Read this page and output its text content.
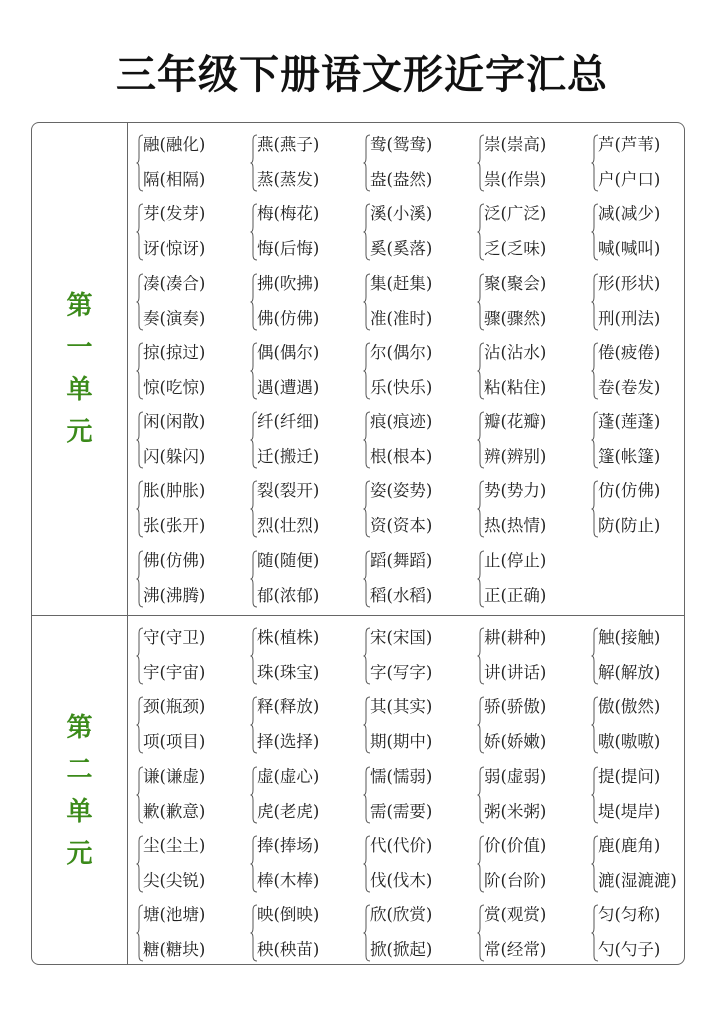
三年级下册语文形近字汇总
第
一
单
元
融(融化)
隔(相隔)
燕(燕子)
蒸(蒸发)
鸯(鸳鸯)
盎(盎然)
崇(崇高)
祟(作祟)
芦(芦苇)
户(户口)
芽(发芽)
讶(惊讶)
梅(梅花)
悔(后悔)
溪(小溪)
奚(奚落)
泛(广泛)
乏(乏味)
减(减少)
喊(喊叫)
凑(凑合)
奏(演奏)
拂(吹拂)
佛(仿佛)
集(赶集)
准(准时)
聚(聚会)
骤(骤然)
形(形状)
刑(刑法)
掠(掠过)
惊(吃惊)
偶(偶尔)
遇(遭遇)
尔(偶尔)
乐(快乐)
沾(沾水)
粘(粘住)
倦(疲倦)
卷(卷发)
闲(闲散)
闪(躲闪)
纤(纤细)
迁(搬迁)
痕(痕迹)
根(根本)
瓣(花瓣)
辨(辨别)
蓬(莲蓬)
篷(帐篷)
胀(肿胀)
张(张开)
裂(裂开)
烈(壮烈)
姿(姿势)
资(资本)
势(势力)
热(热情)
仿(仿佛)
防(防止)
佛(仿佛)
沸(沸腾)
随(随便)
郁(浓郁)
蹈(舞蹈)
稻(水稻)
止(停止)
正(正确)
第
二
单
元
守(守卫)
宇(宇宙)
株(植株)
珠(珠宝)
宋(宋国)
字(写字)
耕(耕种)
讲(讲话)
触(接触)
解(解放)
颈(瓶颈)
项(项目)
释(释放)
择(选择)
其(其实)
期(期中)
骄(骄傲)
娇(娇嫩)
傲(傲然)
嗷(嗷嗷)
谦(谦虚)
歉(歉意)
虚(虚心)
虎(老虎)
懦(懦弱)
需(需要)
弱(虚弱)
粥(米粥)
提(提问)
堤(堤岸)
尘(尘土)
尖(尖锐)
捧(捧场)
棒(木棒)
代(代价)
伐(伐木)
价(价值)
阶(台阶)
鹿(鹿角)
漉(湿漉漉)
塘(池塘)
糖(糖块)
映(倒映)
秧(秧苗)
欣(欣赏)
掀(掀起)
赏(观赏)
常(经常)
匀(匀称)
勺(勺子)
